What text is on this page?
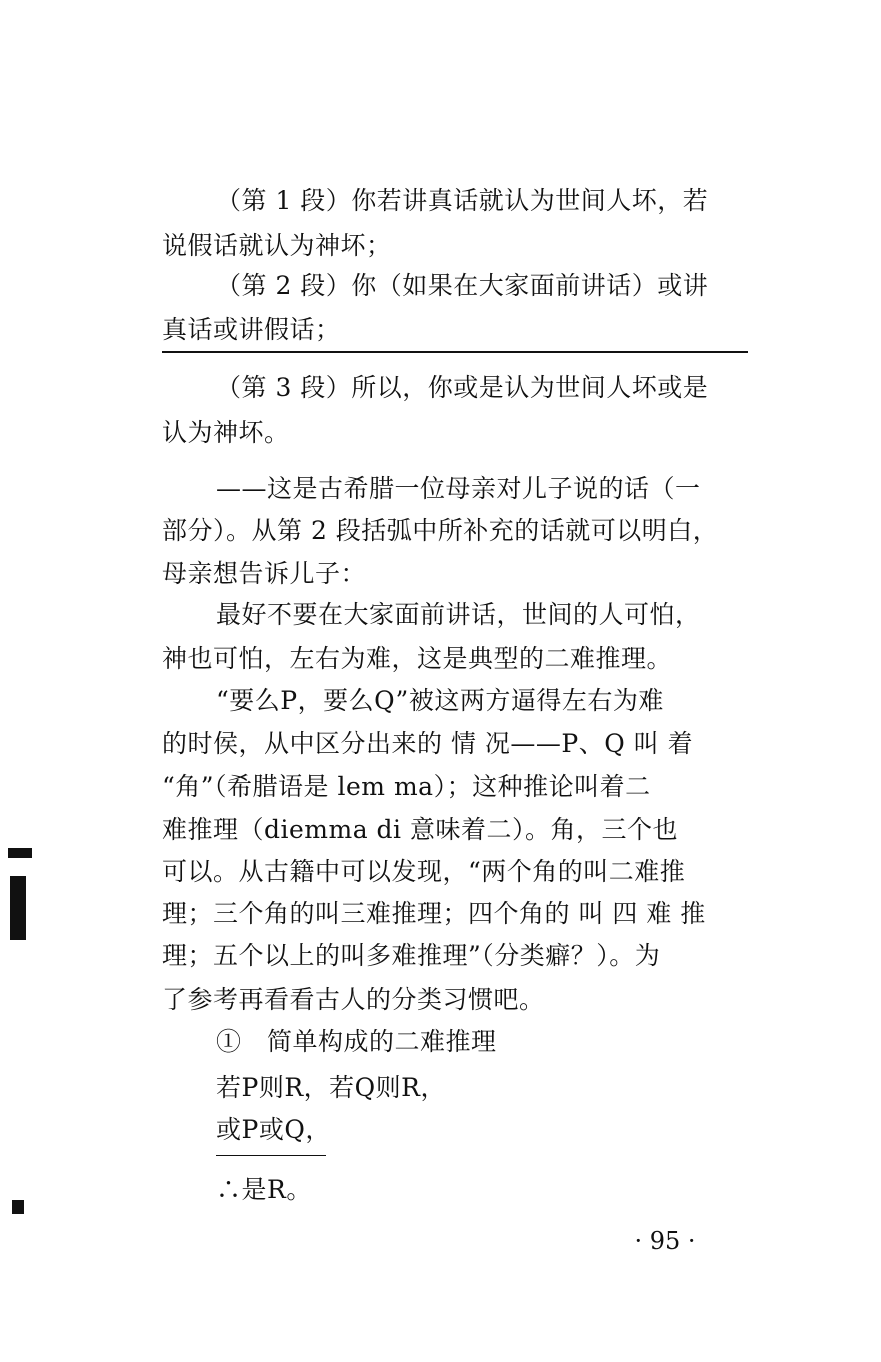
（第 1 段）你若讲真话就认为世间人坏，若
说假话就认为神坏；
（第 2 段）你（如果在大家面前讲话）或讲
真话或讲假话；
（第 3 段）所以，你或是认为世间人坏或是
认为神坏。
——这是古希腊一位母亲对儿子说的话（一
部分）。从第 2 段括弧中所补充的话就可以明白，
母亲想告诉儿子：
最好不要在大家面前讲话，世间的人可怕，
神也可怕，左右为难，这是典型的二难推理。
“要么P，要么Q”被这两方逼得左右为难
的时侯，从中区分出来的 情 况——P、Q 叫 着
“角”（希腊语是 lem ma）；这种推论叫着二
难推理（diemma di 意味着二）。角，三个也
可以。从古籍中可以发现，“两个角的叫二难推
理；三个角的叫三难推理；四个角的 叫 四 难 推
理；五个以上的叫多难推理”（分类癖？）。为
了参考再看看古人的分类习惯吧。
①　简单构成的二难推理
若P则R，若Q则R，
或P或Q，
∴是R。
· 95 ·
